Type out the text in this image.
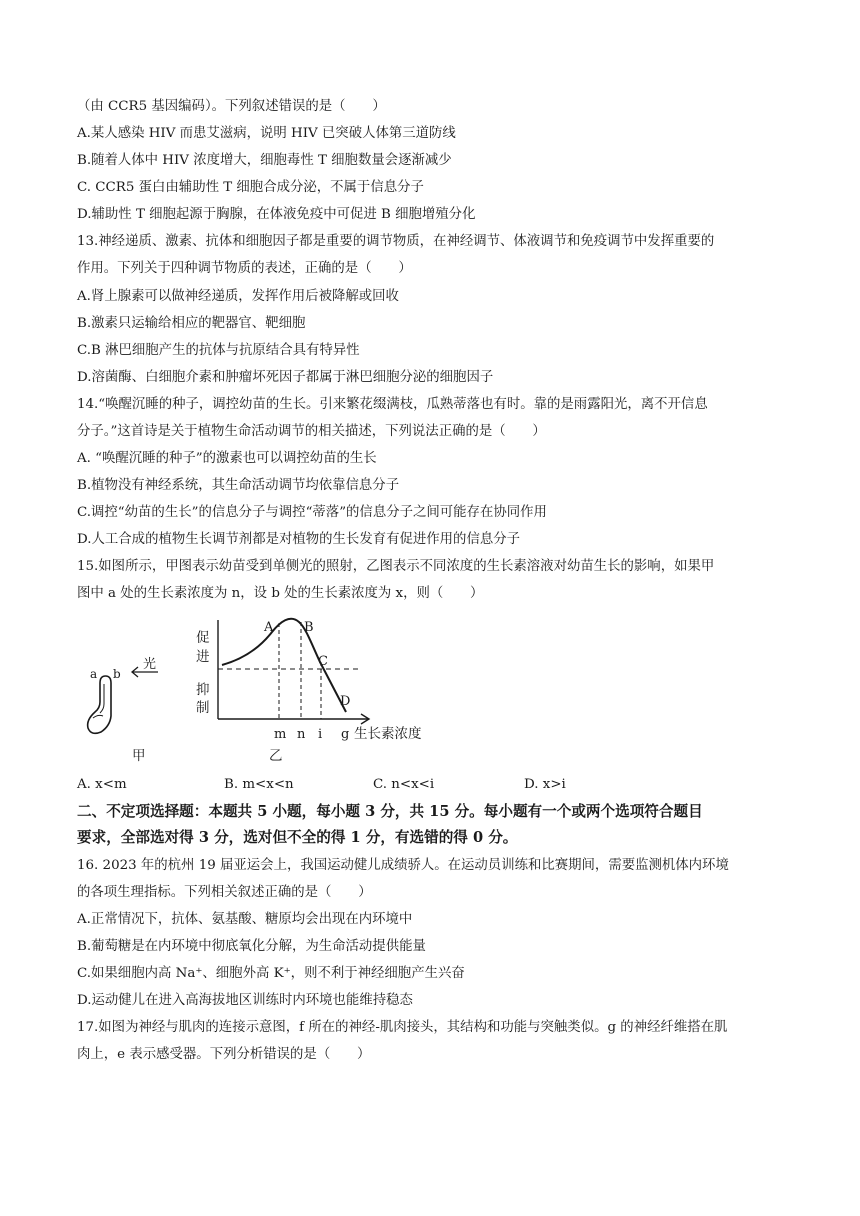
（由 CCR5 基因编码）。下列叙述错误的是（　　）
A.某人感染 HIV 而患艾滋病，说明 HIV 已突破人体第三道防线
B.随着人体中 HIV 浓度增大，细胞毒性 T 细胞数量会逐渐减少
C. CCR5 蛋白由辅助性 T 细胞合成分泌，不属于信息分子
D.辅助性 T 细胞起源于胸腺，在体液免疫中可促进 B 细胞增殖分化
13.神经递质、激素、抗体和细胞因子都是重要的调节物质，在神经调节、体液调节和免疫调节中发挥重要的
作用。下列关于四种调节物质的表述，正确的是（　　）
A.肾上腺素可以做神经递质，发挥作用后被降解或回收
B.激素只运输给相应的靶器官、靶细胞
C.B 淋巴细胞产生的抗体与抗原结合具有特异性
D.溶菌酶、白细胞介素和肿瘤坏死因子都属于淋巴细胞分泌的细胞因子
14.“唤醒沉睡的种子，调控幼苗的生长。引来繁花缀满枝，瓜熟蒂落也有时。靠的是雨露阳光，离不开信息
分子。”这首诗是关于植物生命活动调节的相关描述，下列说法正确的是（　　）
A. “唤醒沉睡的种子”的激素也可以调控幼苗的生长
B.植物没有神经系统，其生命活动调节均依靠信息分子
C.调控“幼苗的生长”的信息分子与调控“蒂落”的信息分子之间可能存在协同作用
D.人工合成的植物生长调节剂都是对植物的生长发育有促进作用的信息分子
15.如图所示，甲图表示幼苗受到单侧光的照射，乙图表示不同浓度的生长素溶液对幼苗生长的影响，如果甲
图中 a 处的生长素浓度为 n，设 b 处的生长素浓度为 x，则（　　）
a b
光
甲
促
进
抑
制
A B
C
D
m n i g 生长素浓度
乙
A. x<m	B. m<x<n	C. n<x<i	D. x>i
二、不定项选择题：本题共 5 小题，每小题 3 分，共 15 分。每小题有一个或两个选项符合题目
要求，全部选对得 3 分，选对但不全的得 1 分，有选错的得 0 分。
16. 2023 年的杭州 19 届亚运会上，我国运动健儿成绩骄人。在运动员训练和比赛期间，需要监测机体内环境
的各项生理指标。下列相关叙述正确的是（　　）
A.正常情况下，抗体、氨基酸、糖原均会出现在内环境中
B.葡萄糖是在内环境中彻底氧化分解，为生命活动提供能量
C.如果细胞内高 Na⁺、细胞外高 K⁺，则不利于神经细胞产生兴奋
D.运动健儿在进入高海拔地区训练时内环境也能维持稳态
17.如图为神经与肌肉的连接示意图，f 所在的神经-肌肉接头，其结构和功能与突触类似。g 的神经纤维搭在肌
肉上，e 表示感受器。下列分析错误的是（　　）
